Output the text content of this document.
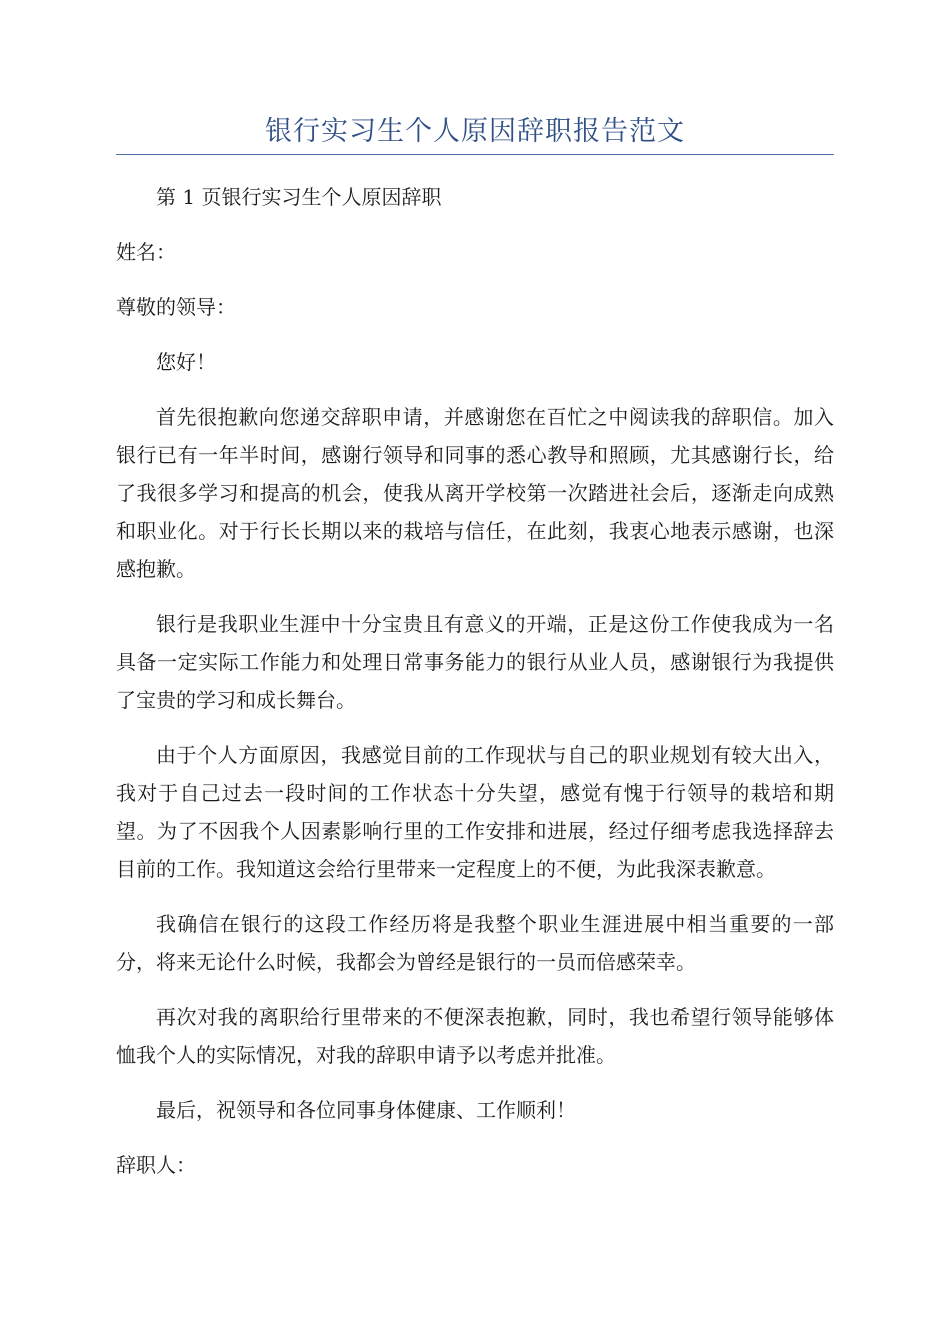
银行实习生个人原因辞职报告范文

第 1 页银行实习生个人原因辞职

姓名：

尊敬的领导：

您好！

首先很抱歉向您递交辞职申请，并感谢您在百忙之中阅读我的辞职信。加入银行已有一年半时间，感谢行领导和同事的悉心教导和照顾，尤其感谢行长，给了我很多学习和提高的机会，使我从离开学校第一次踏进社会后，逐渐走向成熟和职业化。对于行长长期以来的栽培与信任，在此刻，我衷心地表示感谢，也深感抱歉。

银行是我职业生涯中十分宝贵且有意义的开端，正是这份工作使我成为一名具备一定实际工作能力和处理日常事务能力的银行从业人员，感谢银行为我提供了宝贵的学习和成长舞台。

由于个人方面原因，我感觉目前的工作现状与自己的职业规划有较大出入，我对于自己过去一段时间的工作状态十分失望，感觉有愧于行领导的栽培和期望。为了不因我个人因素影响行里的工作安排和进展，经过仔细考虑我选择辞去目前的工作。我知道这会给行里带来一定程度上的不便，为此我深表歉意。

我确信在银行的这段工作经历将是我整个职业生涯进展中相当重要的一部分，将来无论什么时候，我都会为曾经是银行的一员而倍感荣幸。

再次对我的离职给行里带来的不便深表抱歉，同时，我也希望行领导能够体恤我个人的实际情况，对我的辞职申请予以考虑并批准。

最后，祝领导和各位同事身体健康、工作顺利！

辞职人：
